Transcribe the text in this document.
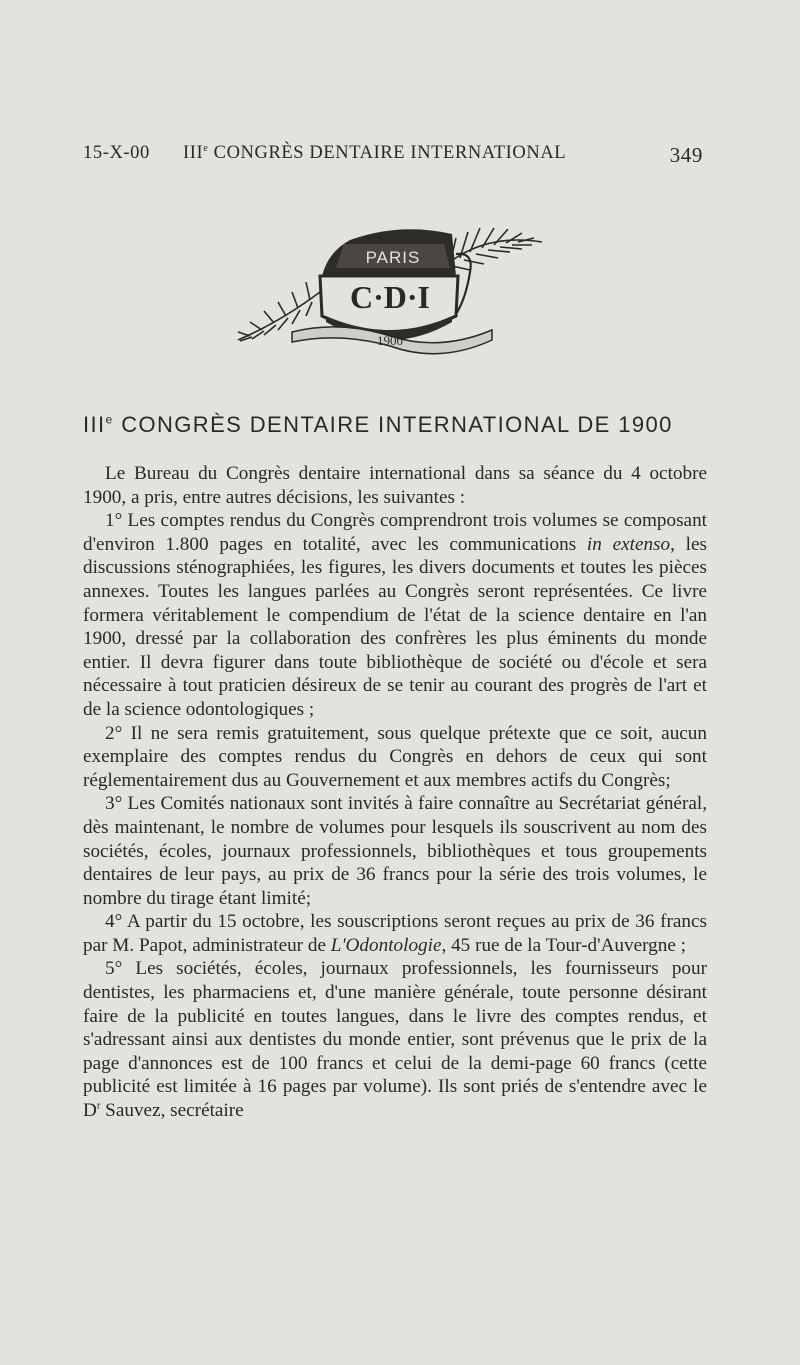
15-X-00 IIIe CONGRÈS DENTAIRE INTERNATIONAL	349
PARIS
C·D·I
1900
IIIe CONGRÈS DENTAIRE INTERNATIONAL DE 1900

Le Bureau du Congrès dentaire international dans sa séance du 4 octobre 1900, a pris, entre autres décisions, les suivantes :

1° Les comptes rendus du Congrès comprendront trois volumes se composant d'environ 1.800 pages en totalité, avec les communications in extenso, les discussions sténographiées, les figures, les divers documents et toutes les pièces annexes. Toutes les langues parlées au Congrès seront représentées. Ce livre formera véritablement le compendium de l'état de la science dentaire en l'an 1900, dressé par la collaboration des confrères les plus éminents du monde entier. Il devra figurer dans toute bibliothèque de société ou d'école et sera nécessaire à tout praticien désireux de se tenir au courant des progrès de l'art et de la science odontologiques ;

2° Il ne sera remis gratuitement, sous quelque prétexte que ce soit, aucun exemplaire des comptes rendus du Congrès en dehors de ceux qui sont réglementairement dus au Gouvernement et aux membres actifs du Congrès;

3° Les Comités nationaux sont invités à faire connaître au Secrétariat général, dès maintenant, le nombre de volumes pour lesquels ils souscrivent au nom des sociétés, écoles, journaux professionnels, bibliothèques et tous groupements dentaires de leur pays, au prix de 36 francs pour la série des trois volumes, le nombre du tirage étant limité;

4° A partir du 15 octobre, les souscriptions seront reçues au prix de 36 francs par M. Papot, administrateur de L'Odontologie, 45 rue de la Tour-d'Auvergne ;

5° Les sociétés, écoles, journaux professionnels, les fournisseurs pour dentistes, les pharmaciens et, d'une manière générale, toute personne désirant faire de la publicité en toutes langues, dans le livre des comptes rendus, et s'adressant ainsi aux dentistes du monde entier, sont prévenus que le prix de la page d'annonces est de 100 francs et celui de la demi-page 60 francs (cette publicité est limitée à 16 pages par volume). Ils sont priés de s'entendre avec le $D^r$ Sauvez, secrétaire
